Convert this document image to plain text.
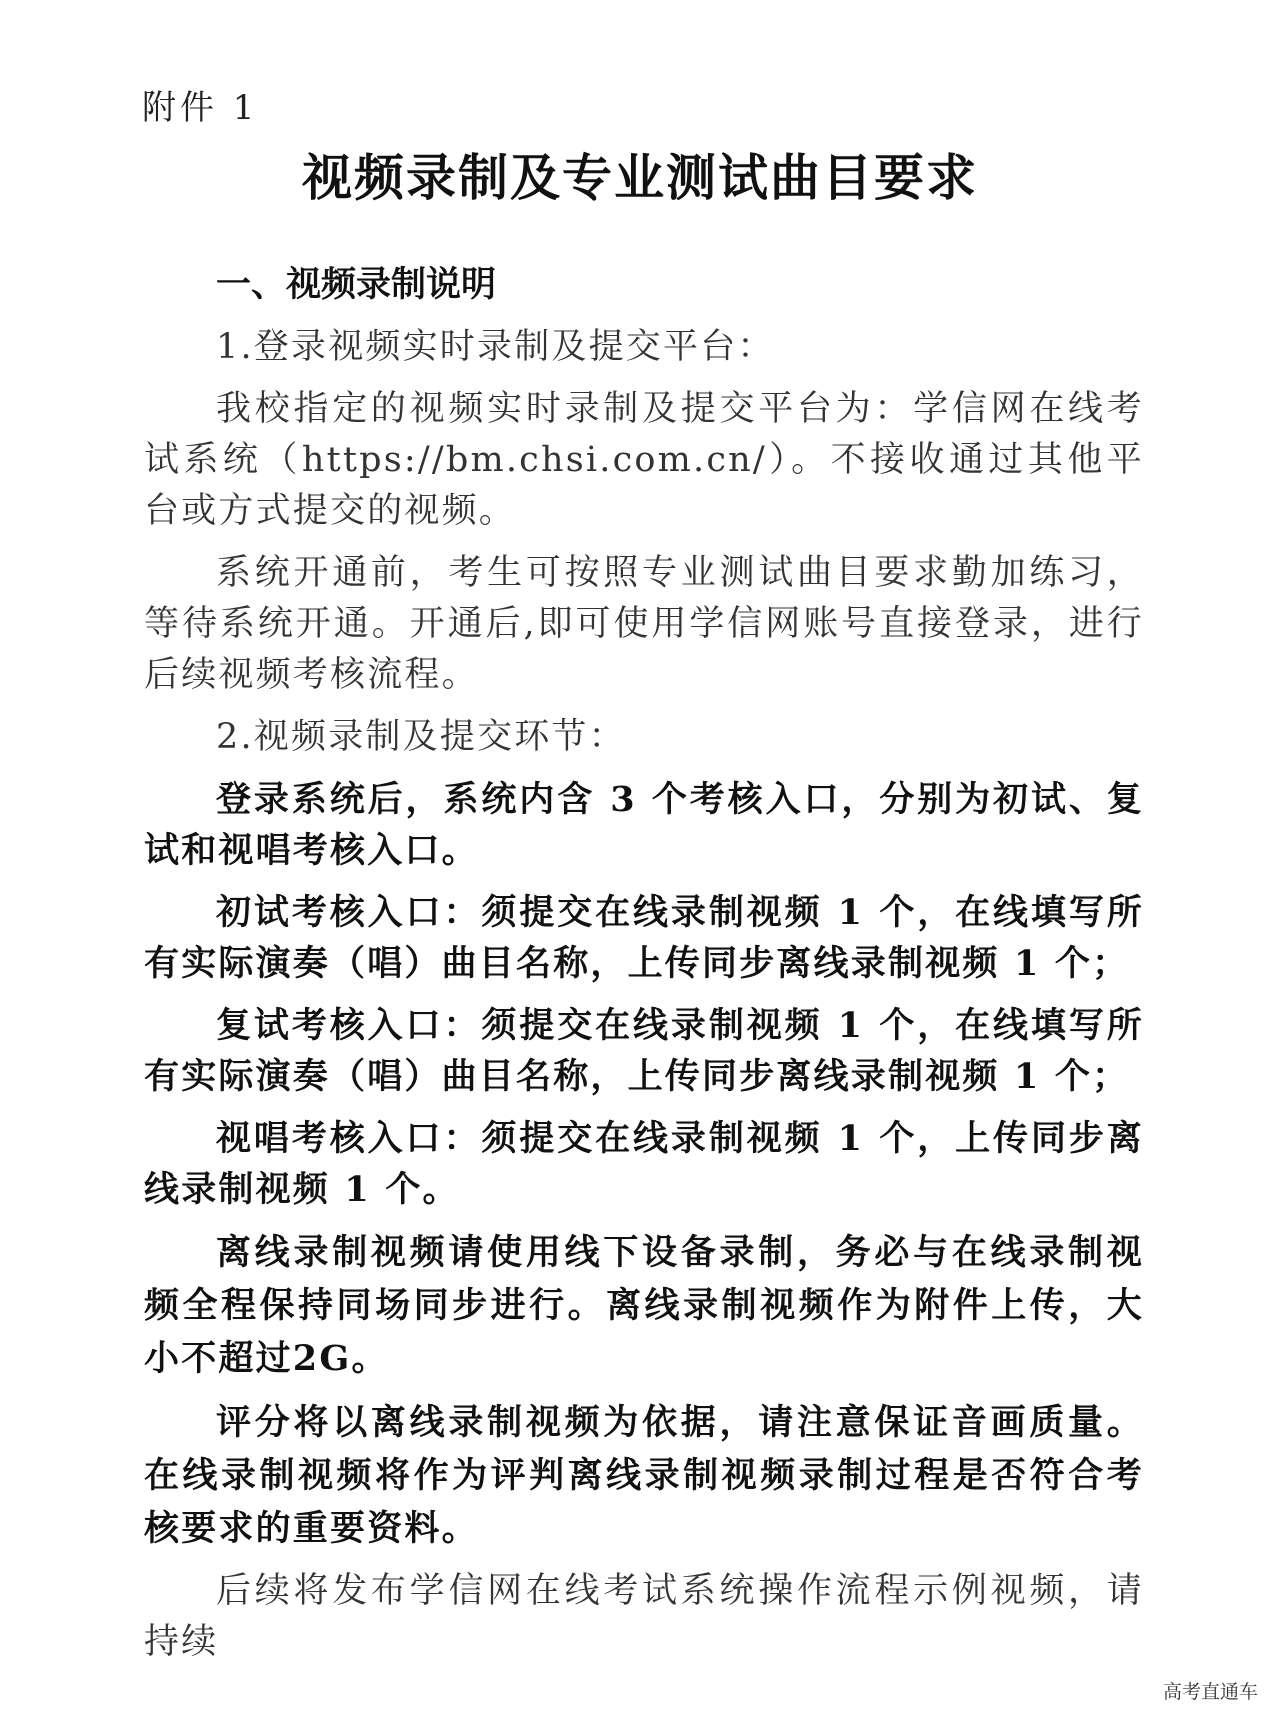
附件 1
视频录制及专业测试曲目要求
一、视频录制说明

1.登录视频实时录制及提交平台：

我校指定的视频实时录制及提交平台为：学信网在线考试系统（https://bm.chsi.com.cn/）。不接收通过其他平台或方式提交的视频。

系统开通前，考生可按照专业测试曲目要求勤加练习，等待系统开通。开通后,即可使用学信网账号直接登录，进行后续视频考核流程。

2.视频录制及提交环节：

登录系统后，系统内含 3 个考核入口，分别为初试、复试和视唱考核入口。

初试考核入口：须提交在线录制视频 1 个，在线填写所有实际演奏（唱）曲目名称，上传同步离线录制视频 1 个；

复试考核入口：须提交在线录制视频 1 个，在线填写所有实际演奏（唱）曲目名称，上传同步离线录制视频 1 个；

视唱考核入口：须提交在线录制视频 1 个，上传同步离线录制视频 1 个。

离线录制视频请使用线下设备录制，务必与在线录制视频全程保持同场同步进行。离线录制视频作为附件上传，大小不超过2G。

评分将以离线录制视频为依据，请注意保证音画质量。在线录制视频将作为评判离线录制视频录制过程是否符合考核要求的重要资料。

后续将发布学信网在线考试系统操作流程示例视频，请持续

高考直通车
